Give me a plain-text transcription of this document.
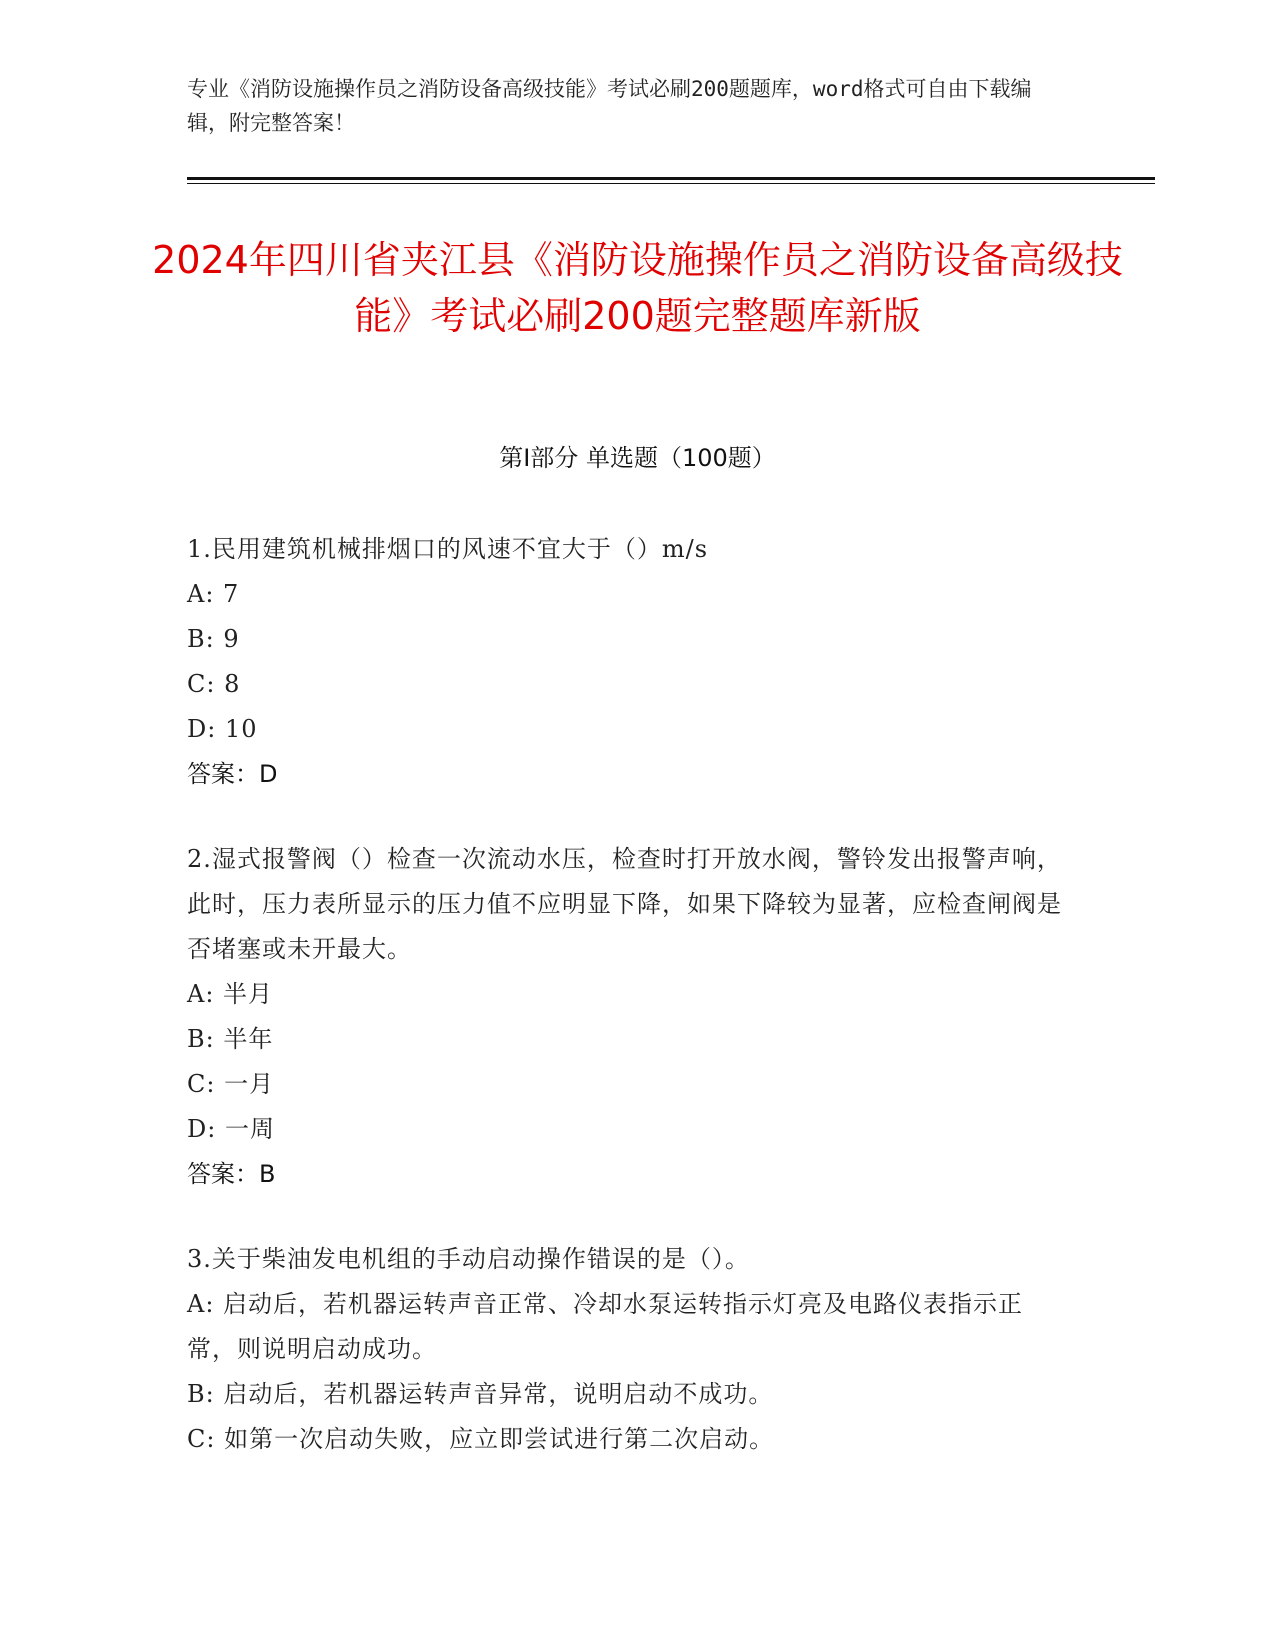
专业《消防设施操作员之消防设备高级技能》考试必刷200题题库，word格式可自由下载编辑，附完整答案！
2024年四川省夹江县《消防设施操作员之消防设备高级技能》考试必刷200题完整题库新版
第I部分 单选题（100题）
1.民用建筑机械排烟口的风速不宜大于（）m/s
A: 7
B: 9
C: 8
D: 10
答案：D
2.湿式报警阀（）检查一次流动水压，检查时打开放水阀，警铃发出报警声响，此时，压力表所显示的压力值不应明显下降，如果下降较为显著，应检查闸阀是否堵塞或未开最大。
A: 半月
B: 半年
C: 一月
D: 一周
答案：B
3.关于柴油发电机组的手动启动操作错误的是（）。
A: 启动后，若机器运转声音正常、冷却水泵运转指示灯亮及电路仪表指示正常，则说明启动成功。
B: 启动后，若机器运转声音异常，说明启动不成功。
C: 如第一次启动失败，应立即尝试进行第二次启动。
